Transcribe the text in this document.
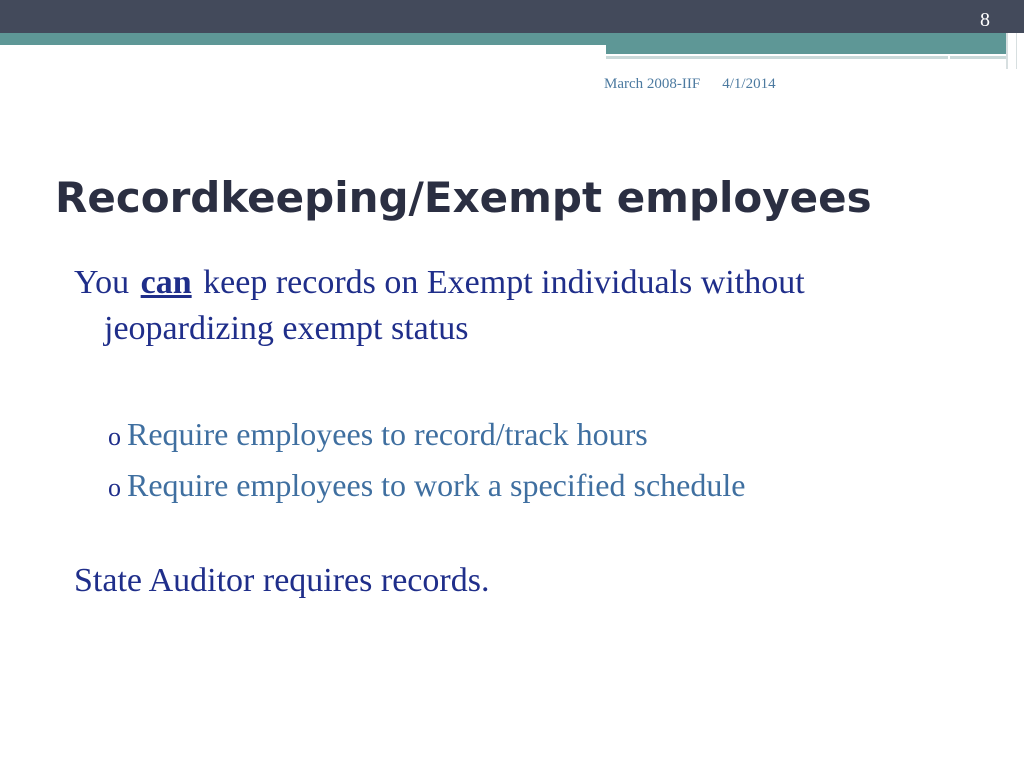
8
March 2008-IIF 4/1/2014
Recordkeeping/Exempt employees

You can keep records on Exempt individuals without jeopardizing exempt status

o Require employees to record/track hours
o Require employees to work a specified schedule

State Auditor requires records.
